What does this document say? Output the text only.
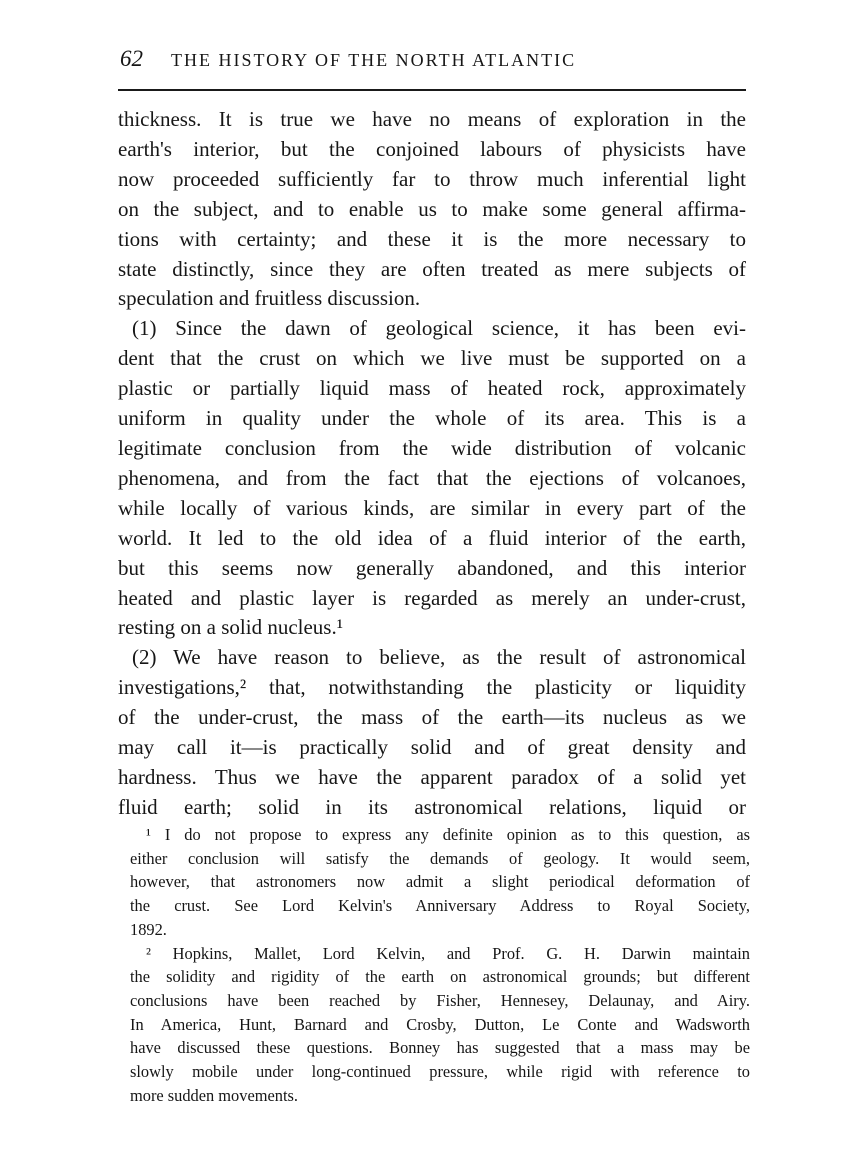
62 THE HISTORY OF THE NORTH ATLANTIC
thickness. It is true we have no means of exploration in the
earth's interior, but the conjoined labours of physicists have
now proceeded sufficiently far to throw much inferential light
on the subject, and to enable us to make some general affirma-
tions with certainty; and these it is the more necessary to
state distinctly, since they are often treated as mere subjects of
speculation and fruitless discussion.
(1) Since the dawn of geological science, it has been evi-
dent that the crust on which we live must be supported on a
plastic or partially liquid mass of heated rock, approximately
uniform in quality under the whole of its area. This is a
legitimate conclusion from the wide distribution of volcanic
phenomena, and from the fact that the ejections of volcanoes,
while locally of various kinds, are similar in every part of the
world. It led to the old idea of a fluid interior of the earth,
but this seems now generally abandoned, and this interior
heated and plastic layer is regarded as merely an under-crust,
resting on a solid nucleus.¹
(2) We have reason to believe, as the result of astronomical
investigations,² that, notwithstanding the plasticity or liquidity
of the under-crust, the mass of the earth—its nucleus as we
may call it—is practically solid and of great density and
hardness. Thus we have the apparent paradox of a solid yet
fluid earth; solid in its astronomical relations, liquid or
¹ I do not propose to express any definite opinion as to this question, as
either conclusion will satisfy the demands of geology. It would seem,
however, that astronomers now admit a slight periodical deformation of
the crust. See Lord Kelvin's Anniversary Address to Royal Society,
1892.
² Hopkins, Mallet, Lord Kelvin, and Prof. G. H. Darwin maintain
the solidity and rigidity of the earth on astronomical grounds; but different
conclusions have been reached by Fisher, Hennesey, Delaunay, and Airy.
In America, Hunt, Barnard and Crosby, Dutton, Le Conte and Wadsworth
have discussed these questions. Bonney has suggested that a mass may be
slowly mobile under long-continued pressure, while rigid with reference to
more sudden movements.
